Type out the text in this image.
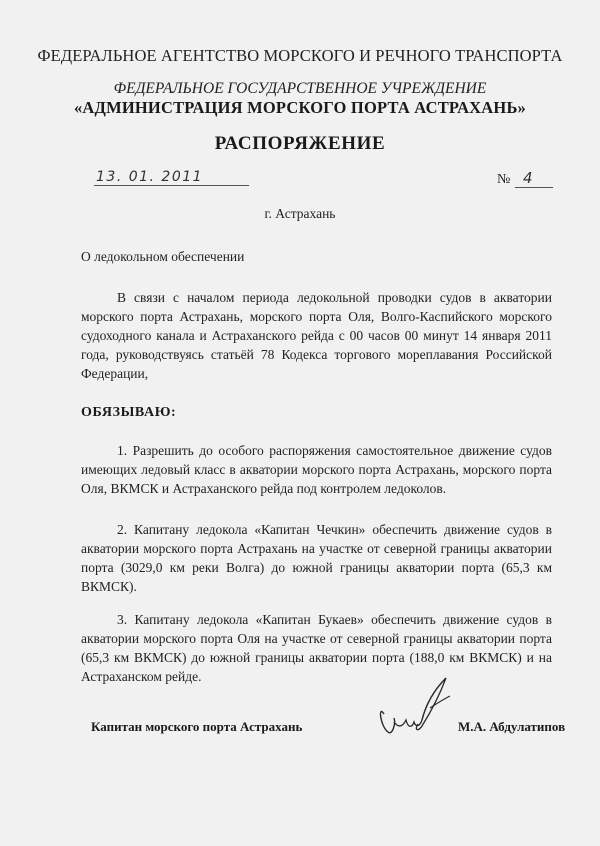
ФЕДЕРАЛЬНОЕ АГЕНТСТВО МОРСКОГО И РЕЧНОГО ТРАНСПОРТА
ФЕДЕРАЛЬНОЕ ГОСУДАРСТВЕННОЕ УЧРЕЖДЕНИЕ
«АДМИНИСТРАЦИЯ МОРСКОГО ПОРТА АСТРАХАНЬ»
РАСПОРЯЖЕНИЕ
13. 01. 2011	№ 4
г. Астрахань
О ледокольном обеспечении
В связи с началом периода ледокольной проводки судов в акватории морского порта Астрахань, морского порта Оля, Волго-Каспийского морского судоходного канала и Астраханского рейда с 00 часов 00 минут 14 января 2011 года, руководствуясь статьёй 78 Кодекса торгового мореплавания Российской Федерации,
ОБЯЗЫВАЮ:
1. Разрешить до особого распоряжения самостоятельное движение судов имеющих ледовый класс в акватории морского порта Астрахань, морского порта Оля, ВКМСК и Астраханского рейда под контролем ледоколов.
2. Капитану ледокола «Капитан Чечкин» обеспечить движение судов в акватории морского порта Астрахань на участке от северной границы акватории порта (3029,0 км реки Волга) до южной границы акватории порта (65,3 км ВКМСК).
3. Капитану ледокола «Капитан Букаев» обеспечить движение судов в акватории морского порта Оля на участке от северной границы акватории порта (65,3 км ВКМСК) до южной границы акватории порта (188,0 км ВКМСК) и на Астраханском рейде.
Капитан морского порта Астрахань	М.А. Абдулатипов
